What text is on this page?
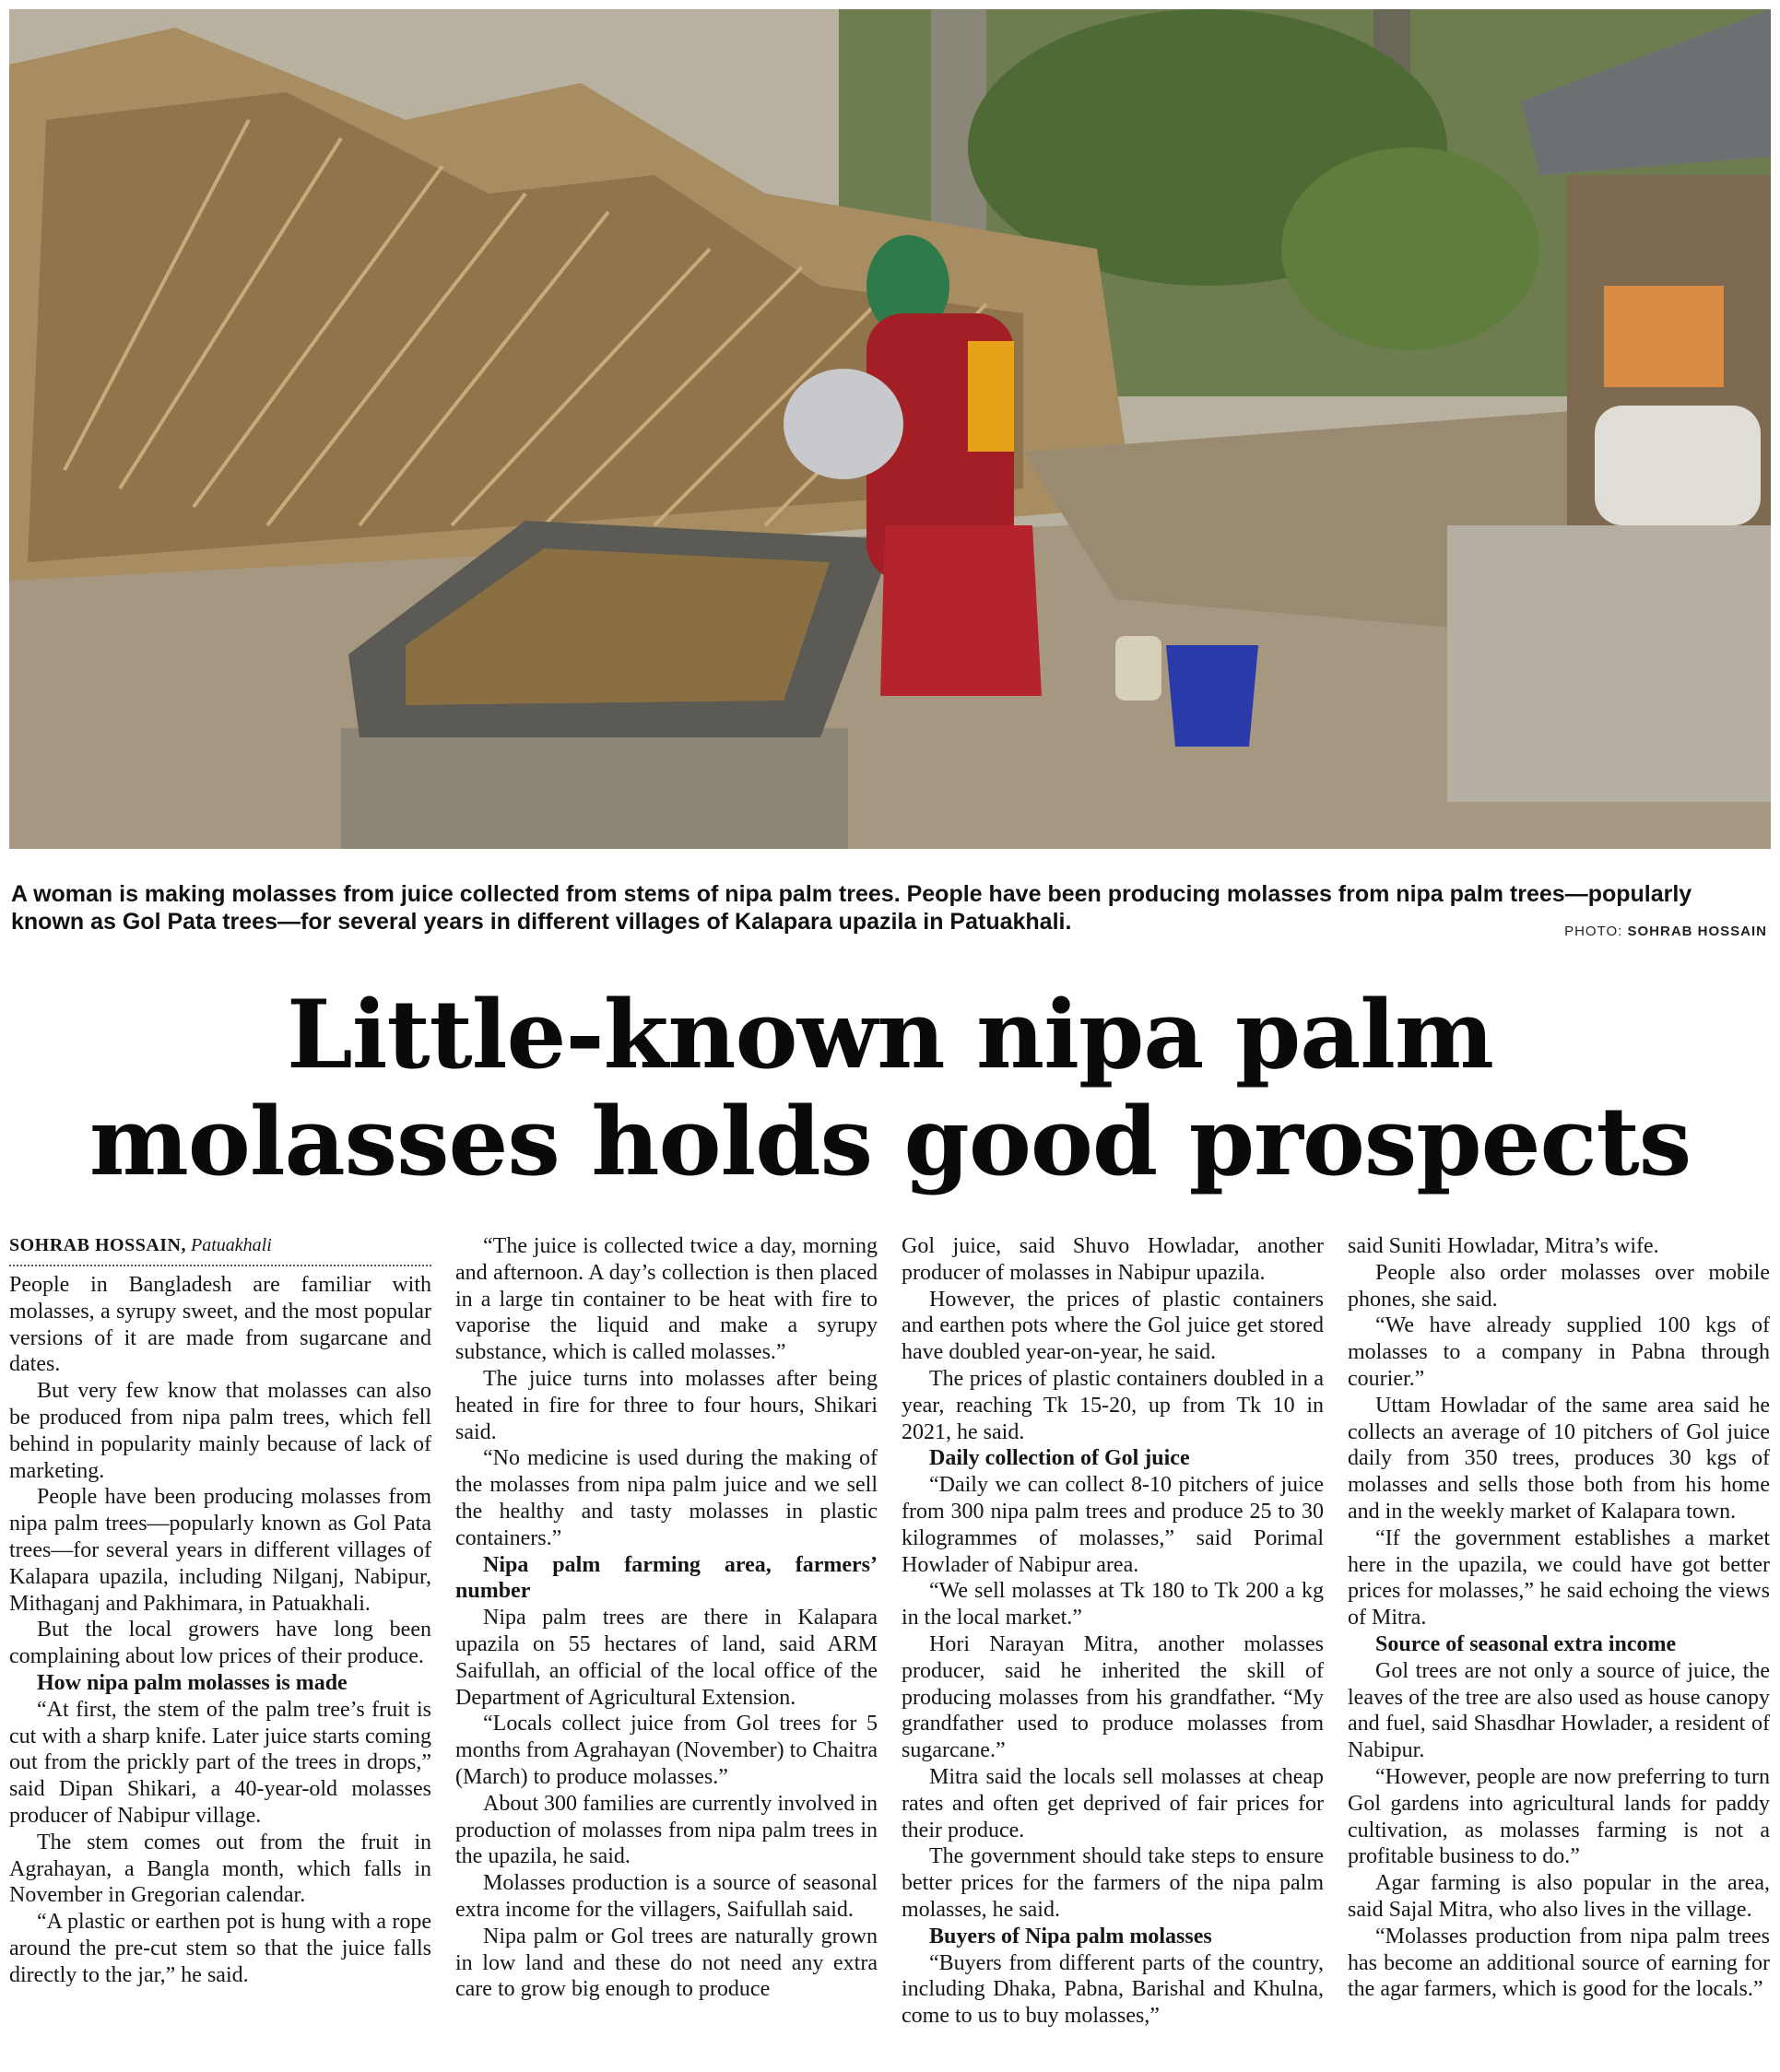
A woman is making molasses from juice collected from stems of nipa palm trees. People have been producing molasses from nipa palm trees—popularly known as Gol Pata trees—for several years in different villages of Kalapara upazila in Patuakhali.	PHOTO: SOHRAB HOSSAIN
Little-known nipa palm
molasses holds good prospects
SOHRAB HOSSAIN, Patuakhali

People in Bangladesh are familiar with molasses, a syrupy sweet, and the most popular versions of it are made from sugarcane and dates.

But very few know that molasses can also be produced from nipa palm trees, which fell behind in popularity mainly because of lack of marketing.

People have been producing molasses from nipa palm trees—popularly known as Gol Pata trees—for several years in different villages of Kalapara upazila, including Nilganj, Nabipur, Mithaganj and Pakhimara, in Patuakhali.

But the local growers have long been complaining about low prices of their produce.

How nipa palm molasses is made

“At first, the stem of the palm tree’s fruit is cut with a sharp knife. Later juice starts coming out from the prickly part of the trees in drops,” said Dipan Shikari, a 40-year-old molasses producer of Nabipur village.

The stem comes out from the fruit in Agrahayan, a Bangla month, which falls in November in Gregorian calendar.

“A plastic or earthen pot is hung with a rope around the pre-cut stem so that the juice falls directly to the jar,” he said.

“The juice is collected twice a day, morning and afternoon. A day’s collection is then placed in a large tin container to be heat with fire to vaporise the liquid and make a syrupy substance, which is called molasses.”

The juice turns into molasses after being heated in fire for three to four hours, Shikari said.

“No medicine is used during the making of the molasses from nipa palm juice and we sell the healthy and tasty molasses in plastic containers.”

Nipa palm farming area, farmers’ number

Nipa palm trees are there in Kalapara upazila on 55 hectares of land, said ARM Saifullah, an official of the local office of the Department of Agricultural Extension.

“Locals collect juice from Gol trees for 5 months from Agrahayan (November) to Chaitra (March) to produce molasses.”

About 300 families are currently involved in production of molasses from nipa palm trees in the upazila, he said.

Molasses production is a source of seasonal extra income for the villagers, Saifullah said.

Nipa palm or Gol trees are naturally grown in low land and these do not need any extra care to grow big enough to produce

Gol juice, said Shuvo Howladar, another producer of molasses in Nabipur upazila.

However, the prices of plastic containers and earthen pots where the Gol juice get stored have doubled year-on-year, he said.

The prices of plastic containers doubled in a year, reaching Tk 15-20, up from Tk 10 in 2021, he said.

Daily collection of Gol juice

“Daily we can collect 8-10 pitchers of juice from 300 nipa palm trees and produce 25 to 30 kilogrammes of molasses,” said Porimal Howlader of Nabipur area.

“We sell molasses at Tk 180 to Tk 200 a kg in the local market.”

Hori Narayan Mitra, another molasses producer, said he inherited the skill of producing molasses from his grandfather. “My grandfather used to produce molasses from sugarcane.”

Mitra said the locals sell molasses at cheap rates and often get deprived of fair prices for their produce.

The government should take steps to ensure better prices for the farmers of the nipa palm molasses, he said.

Buyers of Nipa palm molasses

“Buyers from different parts of the country, including Dhaka, Pabna, Barishal and Khulna, come to us to buy molasses,”

said Suniti Howladar, Mitra’s wife.

People also order molasses over mobile phones, she said.

“We have already supplied 100 kgs of molasses to a company in Pabna through courier.”

Uttam Howladar of the same area said he collects an average of 10 pitchers of Gol juice daily from 350 trees, produces 30 kgs of molasses and sells those both from his home and in the weekly market of Kalapara town.

“If the government establishes a market here in the upazila, we could have got better prices for molasses,” he said echoing the views of Mitra.

Source of seasonal extra income

Gol trees are not only a source of juice, the leaves of the tree are also used as house canopy and fuel, said Shasdhar Howlader, a resident of Nabipur.

“However, people are now preferring to turn Gol gardens into agricultural lands for paddy cultivation, as molasses farming is not a profitable business to do.”

Agar farming is also popular in the area, said Sajal Mitra, who also lives in the village.

“Molasses production from nipa palm trees has become an additional source of earning for the agar farmers, which is good for the locals.”
